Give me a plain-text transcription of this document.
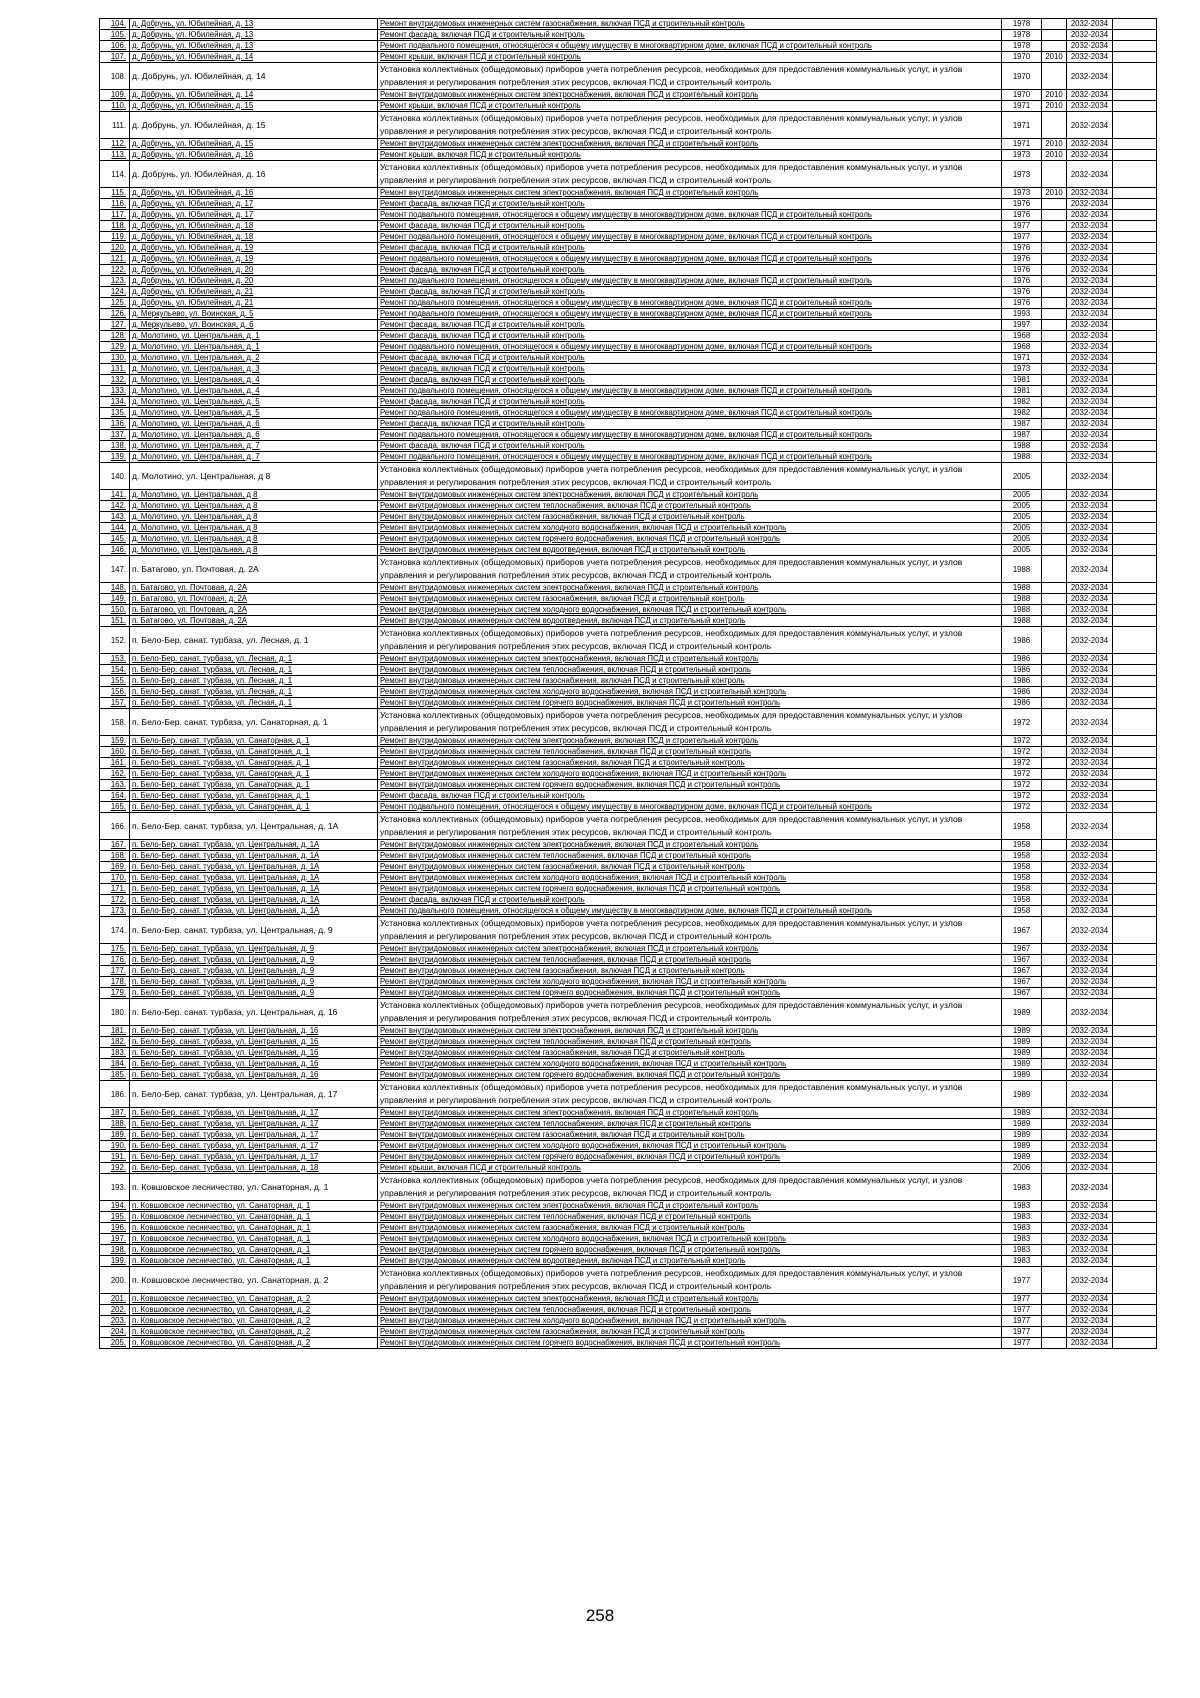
104.	д. Добрунь, ул. Юбилейная, д. 13	Ремонт внутридомовых инженерных систем газоснабжения, включая ПСД и строительный контроль	1978		2032-2034	
105.	д. Добрунь, ул. Юбилейная, д. 13	Ремонт фасада, включая ПСД и строительный контроль	1978		2032-2034	
106.	д. Добрунь, ул. Юбилейная, д. 13	Ремонт подвального помещения, относящегося к общему имуществу в многоквартирном доме, включая ПСД и строительный контроль	1978		2032-2034	
107.	д. Добрунь, ул. Юбилейная, д. 14	Ремонт крыши, включая ПСД и строительный контроль	1970	2010	2032-2034	
108.	д. Добрунь, ул. Юбилейная, д. 14	Установка коллективных (общедомовых) приборов учета потребления ресурсов, необходимых для предоставления коммунальных услуг, и узлов управления и регулирования потребления этих ресурсов, включая ПСД и строительный контроль	1970		2032-2034	
109.	д. Добрунь, ул. Юбилейная, д. 14	Ремонт внутридомовых инженерных систем электроснабжения, включая ПСД и строительный контроль	1970	2010	2032-2034	
110.	д. Добрунь, ул. Юбилейная, д. 15	Ремонт крыши, включая ПСД и строительный контроль	1971	2010	2032-2034	
111.	д. Добрунь, ул. Юбилейная, д. 15	Установка коллективных (общедомовых) приборов учета потребления ресурсов, необходимых для предоставления коммунальных услуг, и узлов управления и регулирования потребления этих ресурсов, включая ПСД и строительный контроль	1971		2032-2034	
112.	д. Добрунь, ул. Юбилейная, д. 15	Ремонт внутридомовых инженерных систем электроснабжения, включая ПСД и строительный контроль	1971	2010	2032-2034	
113.	д. Добрунь, ул. Юбилейная, д. 16	Ремонт крыши, включая ПСД и строительный контроль	1973	2010	2032-2034	
114.	д. Добрунь, ул. Юбилейная, д. 16	Установка коллективных (общедомовых) приборов учета потребления ресурсов, необходимых для предоставления коммунальных услуг, и узлов управления и регулирования потребления этих ресурсов, включая ПСД и строительный контроль	1973		2032-2034	
115.	д. Добрунь, ул. Юбилейная, д. 16	Ремонт внутридомовых инженерных систем электроснабжения, включая ПСД и строительный контроль	1973	2010	2032-2034	
116.	д. Добрунь, ул. Юбилейная, д. 17	Ремонт фасада, включая ПСД и строительный контроль	1976		2032-2034	
117.	д. Добрунь, ул. Юбилейная, д. 17	Ремонт подвального помещения, относящегося к общему имуществу в многоквартирном доме, включая ПСД и строительный контроль	1976		2032-2034	
118.	д. Добрунь, ул. Юбилейная, д. 18	Ремонт фасада, включая ПСД и строительный контроль	1977		2032-2034	
119.	д. Добрунь, ул. Юбилейная, д. 18	Ремонт подвального помещения, относящегося к общему имуществу в многоквартирном доме, включая ПСД и строительный контроль	1977		2032-2034	
120.	д. Добрунь, ул. Юбилейная, д. 19	Ремонт фасада, включая ПСД и строительный контроль	1976		2032-2034	
121.	д. Добрунь, ул. Юбилейная, д. 19	Ремонт подвального помещения, относящегося к общему имуществу в многоквартирном доме, включая ПСД и строительный контроль	1976		2032-2034	
122.	д. Добрунь, ул. Юбилейная, д. 20	Ремонт фасада, включая ПСД и строительный контроль	1976		2032-2034	
123.	д. Добрунь, ул. Юбилейная, д. 20	Ремонт подвального помещения, относящегося к общему имуществу в многоквартирном доме, включая ПСД и строительный контроль	1976		2032-2034	
124.	д. Добрунь, ул. Юбилейная, д. 21	Ремонт фасада, включая ПСД и строительный контроль	1976		2032-2034	
125.	д. Добрунь, ул. Юбилейная, д. 21	Ремонт подвального помещения, относящегося к общему имуществу в многоквартирном доме, включая ПСД и строительный контроль	1976		2032-2034	
126.	д. Меркульево, ул. Воинская, д. 5	Ремонт подвального помещения, относящегося к общему имуществу в многоквартирном доме, включая ПСД и строительный контроль	1993		2032-2034	
127.	д. Меркульево, ул. Воинская, д. 6	Ремонт фасада, включая ПСД и строительный контроль	1997		2032-2034	
128.	д. Молотино, ул. Центральная, д. 1	Ремонт фасада, включая ПСД и строительный контроль	1968		2032-2034	
129.	д. Молотино, ул. Центральная, д. 1	Ремонт подвального помещения, относящегося к общему имуществу в многоквартирном доме, включая ПСД и строительный контроль	1968		2032-2034	
130.	д. Молотино, ул. Центральная, д. 2	Ремонт фасада, включая ПСД и строительный контроль	1971		2032-2034	
131.	д. Молотино, ул. Центральная, д. 3	Ремонт фасада, включая ПСД и строительный контроль	1973		2032-2034	
132.	д. Молотино, ул. Центральная, д. 4	Ремонт фасада, включая ПСД и строительный контроль	1981		2032-2034	
133.	д. Молотино, ул. Центральная, д. 4	Ремонт подвального помещения, относящегося к общему имуществу в многоквартирном доме, включая ПСД и строительный контроль	1981		2032-2034	
134.	д. Молотино, ул. Центральная, д. 5	Ремонт фасада, включая ПСД и строительный контроль	1982		2032-2034	
135.	д. Молотино, ул. Центральная, д. 5	Ремонт подвального помещения, относящегося к общему имуществу в многоквартирном доме, включая ПСД и строительный контроль	1982		2032-2034	
136.	д. Молотино, ул. Центральная, д. 6	Ремонт фасада, включая ПСД и строительный контроль	1987		2032-2034	
137.	д. Молотино, ул. Центральная, д. 6	Ремонт подвального помещения, относящегося к общему имуществу в многоквартирном доме, включая ПСД и строительный контроль	1987		2032-2034	
138.	д. Молотино, ул. Центральная, д. 7	Ремонт фасада, включая ПСД и строительный контроль	1988		2032-2034	
139.	д. Молотино, ул. Центральная, д. 7	Ремонт подвального помещения, относящегося к общему имуществу в многоквартирном доме, включая ПСД и строительный контроль	1988		2032-2034	
140.	д. Молотино, ул. Центральная, д 8	Установка коллективных (общедомовых) приборов учета потребления ресурсов, необходимых для предоставления коммунальных услуг, и узлов управления и регулирования потребления этих ресурсов, включая ПСД и строительный контроль	2005		2032-2034	
141.	д. Молотино, ул. Центральная, д 8	Ремонт внутридомовых инженерных систем электроснабжения, включая ПСД и строительный контроль	2005		2032-2034	
142.	д. Молотино, ул. Центральная, д 8	Ремонт внутридомовых инженерных систем теплоснабжения, включая ПСД и строительный контроль	2005		2032-2034	
143.	д. Молотино, ул. Центральная, д 8	Ремонт внутридомовых инженерных систем газоснабжения, включая ПСД и строительный контроль	2005		2032-2034	
144.	д. Молотино, ул. Центральная, д 8	Ремонт внутридомовых инженерных систем холодного водоснабжения, включая ПСД и строительный контроль	2005		2032-2034	
145.	д. Молотино, ул. Центральная, д 8	Ремонт внутридомовых инженерных систем горячего водоснабжения, включая ПСД и строительный контроль	2005		2032-2034	
146.	д. Молотино, ул. Центральная, д 8	Ремонт внутридомовых инженерных систем водоотведения, включая ПСД и строительный контроль	2005		2032-2034	
147.	п. Батагово, ул. Почтовая, д. 2А	Установка коллективных (общедомовых) приборов учета потребления ресурсов, необходимых для предоставления коммунальных услуг, и узлов управления и регулирования потребления этих ресурсов, включая ПСД и строительный контроль	1988		2032-2034	
148.	п. Батагово, ул. Почтовая, д. 2А	Ремонт внутридомовых инженерных систем электроснабжения, включая ПСД и строительный контроль	1988		2032-2034	
149.	п. Батагово, ул. Почтовая, д. 2А	Ремонт внутридомовых инженерных систем газоснабжения, включая ПСД и строительный контроль	1988		2032-2034	
150.	п. Батагово, ул. Почтовая, д. 2А	Ремонт внутридомовых инженерных систем холодного водоснабжения, включая ПСД и строительный контроль	1988		2032-2034	
151.	п. Батагово, ул. Почтовая, д. 2А	Ремонт внутридомовых инженерных систем водоотведения, включая ПСД и строительный контроль	1988		2032-2034	
152.	п. Бело-Бер. санат. турбаза, ул. Лесная, д. 1	Установка коллективных (общедомовых) приборов учета потребления ресурсов, необходимых для предоставления коммунальных услуг, и узлов управления и регулирования потребления этих ресурсов, включая ПСД и строительный контроль	1986		2032-2034	
153.	п. Бело-Бер. санат. турбаза, ул. Лесная, д. 1	Ремонт внутридомовых инженерных систем электроснабжения, включая ПСД и строительный контроль	1986		2032-2034	
154.	п. Бело-Бер. санат. турбаза, ул. Лесная, д. 1	Ремонт внутридомовых инженерных систем теплоснабжения, включая ПСД и строительный контроль	1986		2032-2034	
155.	п. Бело-Бер. санат. турбаза, ул. Лесная, д. 1	Ремонт внутридомовых инженерных систем газоснабжения, включая ПСД и строительный контроль	1986		2032-2034	
156.	п. Бело-Бер. санат. турбаза, ул. Лесная, д. 1	Ремонт внутридомовых инженерных систем холодного водоснабжения, включая ПСД и строительный контроль	1986		2032-2034	
157.	п. Бело-Бер. санат. турбаза, ул. Лесная, д. 1	Ремонт внутридомовых инженерных систем горячего водоснабжения, включая ПСД и строительный контроль	1986		2032-2034	
158.	п. Бело-Бер. санат. турбаза, ул. Санаторная, д. 1	Установка коллективных (общедомовых) приборов учета потребления ресурсов, необходимых для предоставления коммунальных услуг, и узлов управления и регулирования потребления этих ресурсов, включая ПСД и строительный контроль	1972		2032-2034	
159.	п. Бело-Бер. санат. турбаза, ул. Санаторная, д. 1	Ремонт внутридомовых инженерных систем электроснабжения, включая ПСД и строительный контроль	1972		2032-2034	
160.	п. Бело-Бер. санат. турбаза, ул. Санаторная, д. 1	Ремонт внутридомовых инженерных систем теплоснабжения, включая ПСД и строительный контроль	1972		2032-2034	
161.	п. Бело-Бер. санат. турбаза, ул. Санаторная, д. 1	Ремонт внутридомовых инженерных систем газоснабжения, включая ПСД и строительный контроль	1972		2032-2034	
162.	п. Бело-Бер. санат. турбаза, ул. Санаторная, д. 1	Ремонт внутридомовых инженерных систем холодного водоснабжения, включая ПСД и строительный контроль	1972		2032-2034	
163.	п. Бело-Бер. санат. турбаза, ул. Санаторная, д. 1	Ремонт внутридомовых инженерных систем горячего водоснабжения, включая ПСД и строительный контроль	1972		2032-2034	
164.	п. Бело-Бер. санат. турбаза, ул. Санаторная, д. 1	Ремонт фасада, включая ПСД и строительный контроль	1972		2032-2034	
165.	п. Бело-Бер. санат. турбаза, ул. Санаторная, д. 1	Ремонт подвального помещения, относящегося к общему имуществу в многоквартирном доме, включая ПСД и строительный контроль	1972		2032-2034	
166.	п. Бело-Бер. санат. турбаза, ул. Центральная, д. 1А	Установка коллективных (общедомовых) приборов учета потребления ресурсов, необходимых для предоставления коммунальных услуг, и узлов управления и регулирования потребления этих ресурсов, включая ПСД и строительный контроль	1958		2032-2034	
167.	п. Бело-Бер. санат. турбаза, ул. Центральная, д. 1А	Ремонт внутридомовых инженерных систем электроснабжения, включая ПСД и строительный контроль	1958		2032-2034	
168.	п. Бело-Бер. санат. турбаза, ул. Центральная, д. 1А	Ремонт внутридомовых инженерных систем теплоснабжения, включая ПСД и строительный контроль	1958		2032-2034	
169.	п. Бело-Бер. санат. турбаза, ул. Центральная, д. 1А	Ремонт внутридомовых инженерных систем газоснабжения, включая ПСД и строительный контроль	1958		2032-2034	
170.	п. Бело-Бер. санат. турбаза, ул. Центральная, д. 1А	Ремонт внутридомовых инженерных систем холодного водоснабжения, включая ПСД и строительный контроль	1958		2032-2034	
171.	п. Бело-Бер. санат. турбаза, ул. Центральная, д. 1А	Ремонт внутридомовых инженерных систем горячего водоснабжения, включая ПСД и строительный контроль	1958		2032-2034	
172.	п. Бело-Бер. санат. турбаза, ул. Центральная, д. 1А	Ремонт фасада, включая ПСД и строительный контроль	1958		2032-2034	
173.	п. Бело-Бер. санат. турбаза, ул. Центральная, д. 1А	Ремонт подвального помещения, относящегося к общему имуществу в многоквартирном доме, включая ПСД и строительный контроль	1958		2032-2034	
174.	п. Бело-Бер. санат. турбаза, ул. Центральная, д. 9	Установка коллективных (общедомовых) приборов учета потребления ресурсов, необходимых для предоставления коммунальных услуг, и узлов управления и регулирования потребления этих ресурсов, включая ПСД и строительный контроль	1967		2032-2034	
175.	п. Бело-Бер. санат. турбаза, ул. Центральная, д. 9	Ремонт внутридомовых инженерных систем электроснабжения, включая ПСД и строительный контроль	1967		2032-2034	
176.	п. Бело-Бер. санат. турбаза, ул. Центральная, д. 9	Ремонт внутридомовых инженерных систем теплоснабжения, включая ПСД и строительный контроль	1967		2032-2034	
177.	п. Бело-Бер. санат. турбаза, ул. Центральная, д. 9	Ремонт внутридомовых инженерных систем газоснабжения, включая ПСД и строительный контроль	1967		2032-2034	
178.	п. Бело-Бер. санат. турбаза, ул. Центральная, д. 9	Ремонт внутридомовых инженерных систем холодного водоснабжения, включая ПСД и строительный контроль	1967		2032-2034	
179.	п. Бело-Бер. санат. турбаза, ул. Центральная, д. 9	Ремонт внутридомовых инженерных систем горячего водоснабжения, включая ПСД и строительный контроль	1967		2032-2034	
180.	п. Бело-Бер. санат. турбаза, ул. Центральная, д. 16	Установка коллективных (общедомовых) приборов учета потребления ресурсов, необходимых для предоставления коммунальных услуг, и узлов управления и регулирования потребления этих ресурсов, включая ПСД и строительный контроль	1989		2032-2034	
181.	п. Бело-Бер. санат. турбаза, ул. Центральная, д. 16	Ремонт внутридомовых инженерных систем электроснабжения, включая ПСД и строительный контроль	1989		2032-2034	
182.	п. Бело-Бер. санат. турбаза, ул. Центральная, д. 16	Ремонт внутридомовых инженерных систем теплоснабжения, включая ПСД и строительный контроль	1989		2032-2034	
183.	п. Бело-Бер. санат. турбаза, ул. Центральная, д. 16	Ремонт внутридомовых инженерных систем газоснабжения, включая ПСД и строительный контроль	1989		2032-2034	
184.	п. Бело-Бер. санат. турбаза, ул. Центральная, д. 16	Ремонт внутридомовых инженерных систем холодного водоснабжения, включая ПСД и строительный контроль	1989		2032-2034	
185.	п. Бело-Бер. санат. турбаза, ул. Центральная, д. 16	Ремонт внутридомовых инженерных систем горячего водоснабжения, включая ПСД и строительный контроль	1989		2032-2034	
186.	п. Бело-Бер. санат. турбаза, ул. Центральная, д. 17	Установка коллективных (общедомовых) приборов учета потребления ресурсов, необходимых для предоставления коммунальных услуг, и узлов управления и регулирования потребления этих ресурсов, включая ПСД и строительный контроль	1989		2032-2034	
187.	п. Бело-Бер. санат. турбаза, ул. Центральная, д. 17	Ремонт внутридомовых инженерных систем электроснабжения, включая ПСД и строительный контроль	1989		2032-2034	
188.	п. Бело-Бер. санат. турбаза, ул. Центральная, д. 17	Ремонт внутридомовых инженерных систем теплоснабжения, включая ПСД и строительный контроль	1989		2032-2034	
189.	п. Бело-Бер. санат. турбаза, ул. Центральная, д. 17	Ремонт внутридомовых инженерных систем газоснабжения, включая ПСД и строительный контроль	1989		2032-2034	
190.	п. Бело-Бер. санат. турбаза, ул. Центральная, д. 17	Ремонт внутридомовых инженерных систем холодного водоснабжения, включая ПСД и строительный контроль	1989		2032-2034	
191.	п. Бело-Бер. санат. турбаза, ул. Центральная, д. 17	Ремонт внутридомовых инженерных систем горячего водоснабжения, включая ПСД и строительный контроль	1989		2032-2034	
192.	п. Бело-Бер. санат. турбаза, ул. Центральная, д. 18	Ремонт крыши, включая ПСД и строительный контроль	2006		2032-2034	
193.	п. Ковшовское лесничество, ул. Санаторная, д. 1	Установка коллективных (общедомовых) приборов учета потребления ресурсов, необходимых для предоставления коммунальных услуг, и узлов управления и регулирования потребления этих ресурсов, включая ПСД и строительный контроль	1983		2032-2034	
194.	п. Ковшовское лесничество, ул. Санаторная, д. 1	Ремонт внутридомовых инженерных систем электроснабжения, включая ПСД и строительный контроль	1983		2032-2034	
195.	п. Ковшовское лесничество, ул. Санаторная, д. 1	Ремонт внутридомовых инженерных систем теплоснабжения, включая ПСД и строительный контроль	1983		2032-2034	
196.	п. Ковшовское лесничество, ул. Санаторная, д. 1	Ремонт внутридомовых инженерных систем газоснабжения, включая ПСД и строительный контроль	1983		2032-2034	
197.	п. Ковшовское лесничество, ул. Санаторная, д. 1	Ремонт внутридомовых инженерных систем холодного водоснабжения, включая ПСД и строительный контроль	1983		2032-2034	
198.	п. Ковшовское лесничество, ул. Санаторная, д. 1	Ремонт внутридомовых инженерных систем горячего водоснабжения, включая ПСД и строительный контроль	1983		2032-2034	
199.	п. Ковшовское лесничество, ул. Санаторная, д. 1	Ремонт внутридомовых инженерных систем водоотведения, включая ПСД и строительный контроль	1983		2032-2034	
200.	п. Ковшовское лесничество, ул. Санаторная, д. 2	Установка коллективных (общедомовых) приборов учета потребления ресурсов, необходимых для предоставления коммунальных услуг, и узлов управления и регулирования потребления этих ресурсов, включая ПСД и строительный контроль	1977		2032-2034	
201.	п. Ковшовское лесничество, ул. Санаторная, д. 2	Ремонт внутридомовых инженерных систем электроснабжения, включая ПСД и строительный контроль	1977		2032-2034	
202.	п. Ковшовское лесничество, ул. Санаторная, д. 2	Ремонт внутридомовых инженерных систем теплоснабжения, включая ПСД и строительный контроль	1977		2032-2034	
203.	п. Ковшовское лесничество, ул. Санаторная, д. 2	Ремонт внутридомовых инженерных систем холодного водоснабжения, включая ПСД и строительный контроль	1977		2032-2034	
204.	п. Ковшовское лесничество, ул. Санаторная, д. 2	Ремонт внутридомовых инженерных систем газоснабжения, включая ПСД и строительный контроль	1977		2032-2034	
205.	п. Ковшовское лесничество, ул. Санаторная, д. 2	Ремонт внутридомовых инженерных систем горячего водоснабжения, включая ПСД и строительный контроль	1977		2032-2034	
258
